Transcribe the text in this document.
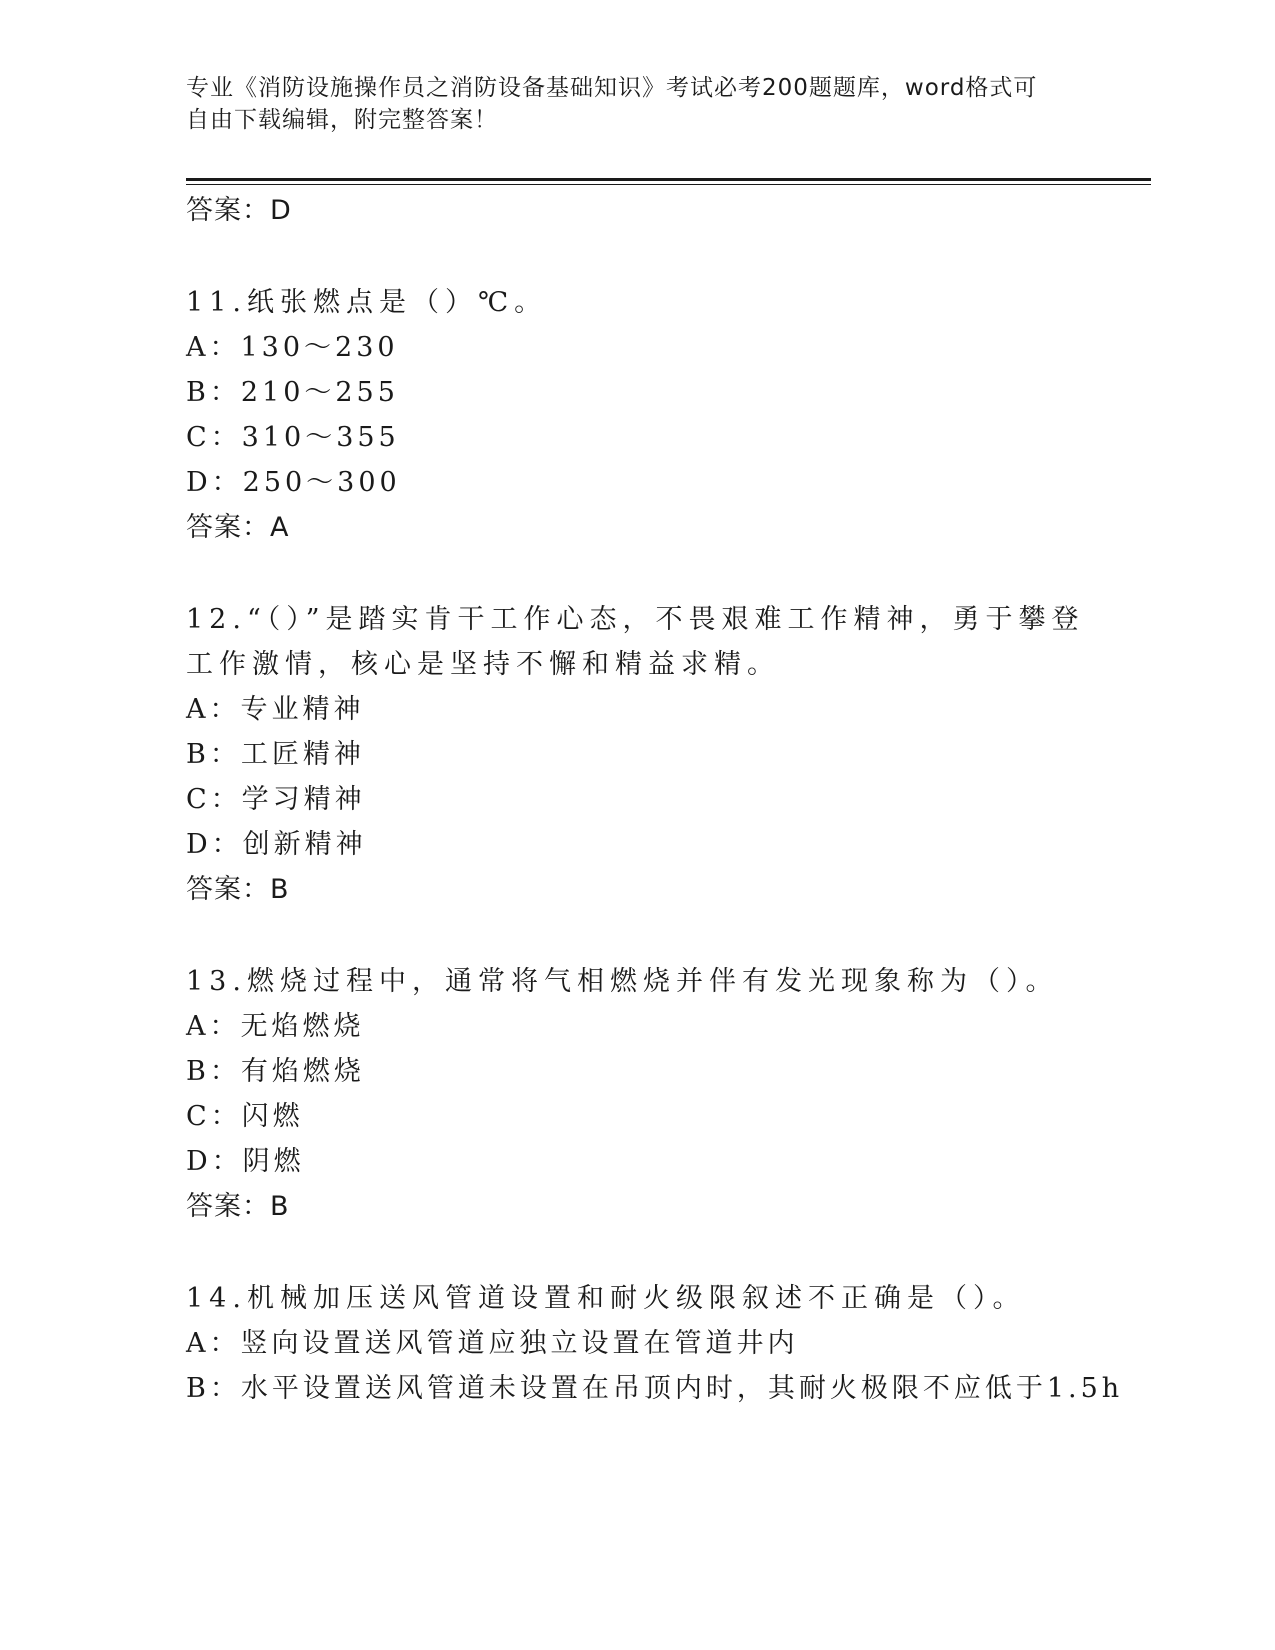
专业《消防设施操作员之消防设备基础知识》考试必考200题题库，word格式可
自由下载编辑，附完整答案！
答案：D
11.纸张燃点是（）℃。
A：130～230
B：210～255
C：310～355
D：250～300
答案：A
12.“（）”是踏实肯干工作心态，不畏艰难工作精神，勇于攀登工作激情，核心是坚持不懈和精益求精。
A：专业精神
B：工匠精神
C：学习精神
D：创新精神
答案：B
13.燃烧过程中，通常将气相燃烧并伴有发光现象称为（）。
A：无焰燃烧
B：有焰燃烧
C：闪燃
D：阴燃
答案：B
14.机械加压送风管道设置和耐火级限叙述不正确是（）。
A：竖向设置送风管道应独立设置在管道井内
B：水平设置送风管道未设置在吊顶内时，其耐火极限不应低于1.5h
